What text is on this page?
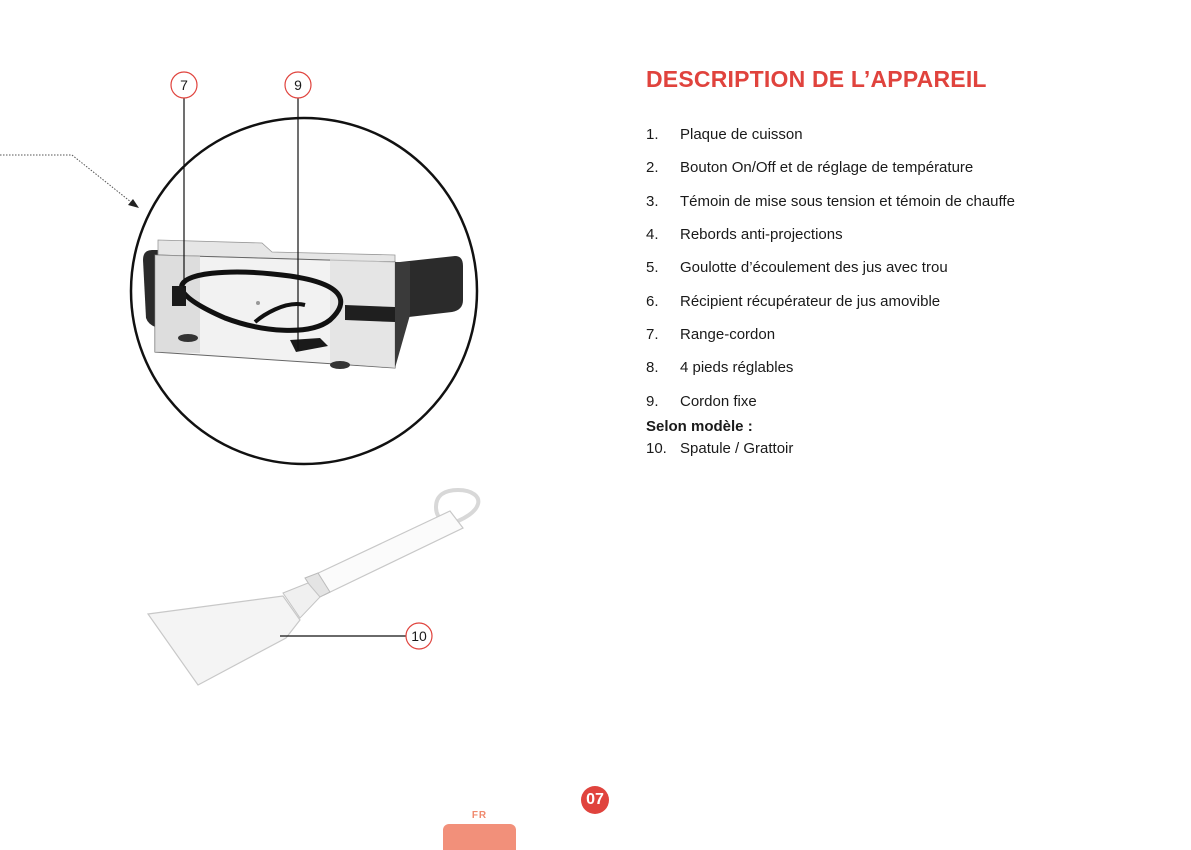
7	9
10
DESCRIPTION DE L’APPAREIL
1.	Plaque de cuisson
2.	Bouton On/Off et de réglage de température
3.	Témoin de mise sous tension et témoin de chauffe
4.	Rebords anti-projections
5.	Goulotte d’écoulement des jus avec trou
6.	Récipient récupérateur de jus amovible
7.	Range-cordon
8.	4 pieds réglables
9.	Cordon fixe
Selon modèle :
10. Spatule / Grattoir
07
FR
